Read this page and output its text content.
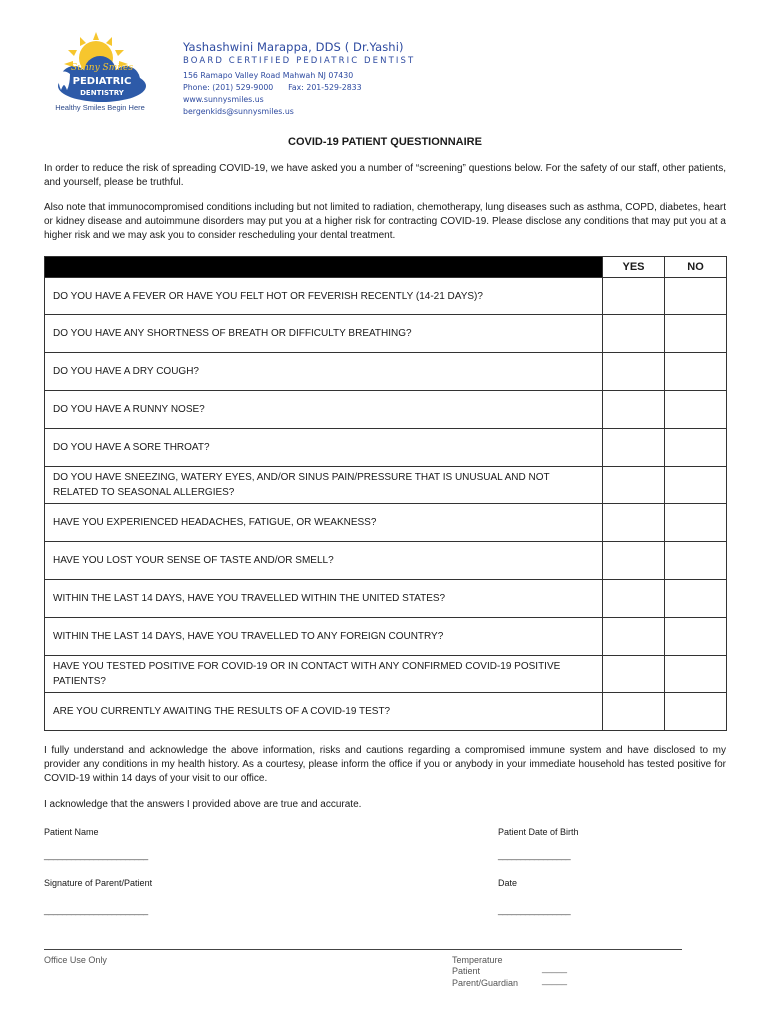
Sunny Smiles
PEDIATRIC
DENTISTRY
Healthy Smiles Begin Here
Yashashwini Marappa, DDS ( Dr.Yashi)
BOARD CERTIFIED PEDIATRIC DENTIST
156 Ramapo Valley Road Mahwah NJ 07430
Phone: (201) 529-9000      Fax: 201-529-2833
www.sunnysmiles.us
bergenkids@sunnysmiles.us
COVID-19 PATIENT QUESTIONNAIRE
In order to reduce the risk of spreading COVID-19, we have asked you a number of “screening” questions below. For the safety of our staff, other patients, and yourself, please be truthful.
Also note that immunocompromised conditions including but not limited to radiation, chemotherapy, lung diseases such as asthma, COPD, diabetes, heart or kidney disease and autoimmune disorders may put you at a higher risk for contracting COVID-19. Please disclose any conditions that may put you at a higher risk and we may ask you to consider rescheduling your dental treatment.
	YES	NO
DO YOU HAVE A FEVER OR HAVE YOU FELT HOT OR FEVERISH RECENTLY (14-21 DAYS)?		
DO YOU HAVE ANY SHORTNESS OF BREATH OR DIFFICULTY BREATHING?		
DO YOU HAVE A DRY COUGH?		
DO YOU HAVE A RUNNY NOSE?		
DO YOU HAVE A SORE THROAT?		
DO YOU HAVE SNEEZING, WATERY EYES, AND/OR SINUS PAIN/PRESSURE THAT IS UNUSUAL AND NOT RELATED TO SEASONAL ALLERGIES?		
HAVE YOU EXPERIENCED HEADACHES, FATIGUE, OR WEAKNESS?		
HAVE YOU LOST YOUR SENSE OF TASTE AND/OR SMELL?		
WITHIN THE LAST 14 DAYS, HAVE YOU TRAVELLED WITHIN THE UNITED STATES?		
WITHIN THE LAST 14 DAYS, HAVE YOU TRAVELLED TO ANY FOREIGN COUNTRY?		
HAVE YOU TESTED POSITIVE FOR COVID-19 OR IN CONTACT WITH ANY CONFIRMED COVID-19 POSITIVE PATIENTS?		
ARE YOU CURRENTLY AWAITING THE RESULTS OF A COVID-19 TEST?		
I fully understand and acknowledge the above information, risks and cautions regarding a compromised immune system and have disclosed to my provider any conditions in my health history. As a courtesy, please inform the office if you or anybody in your immediate household has tested positive for COVID-19 within 14 days of your visit to our office.
I acknowledge that the answers I provided above are true and accurate.
Patient Name	Patient Date of Birth
_______________________	________________
Signature of Parent/Patient	Date
_______________________	________________
Office Use Only	Temperature
Patient
Parent/Guardian
_____
_____
